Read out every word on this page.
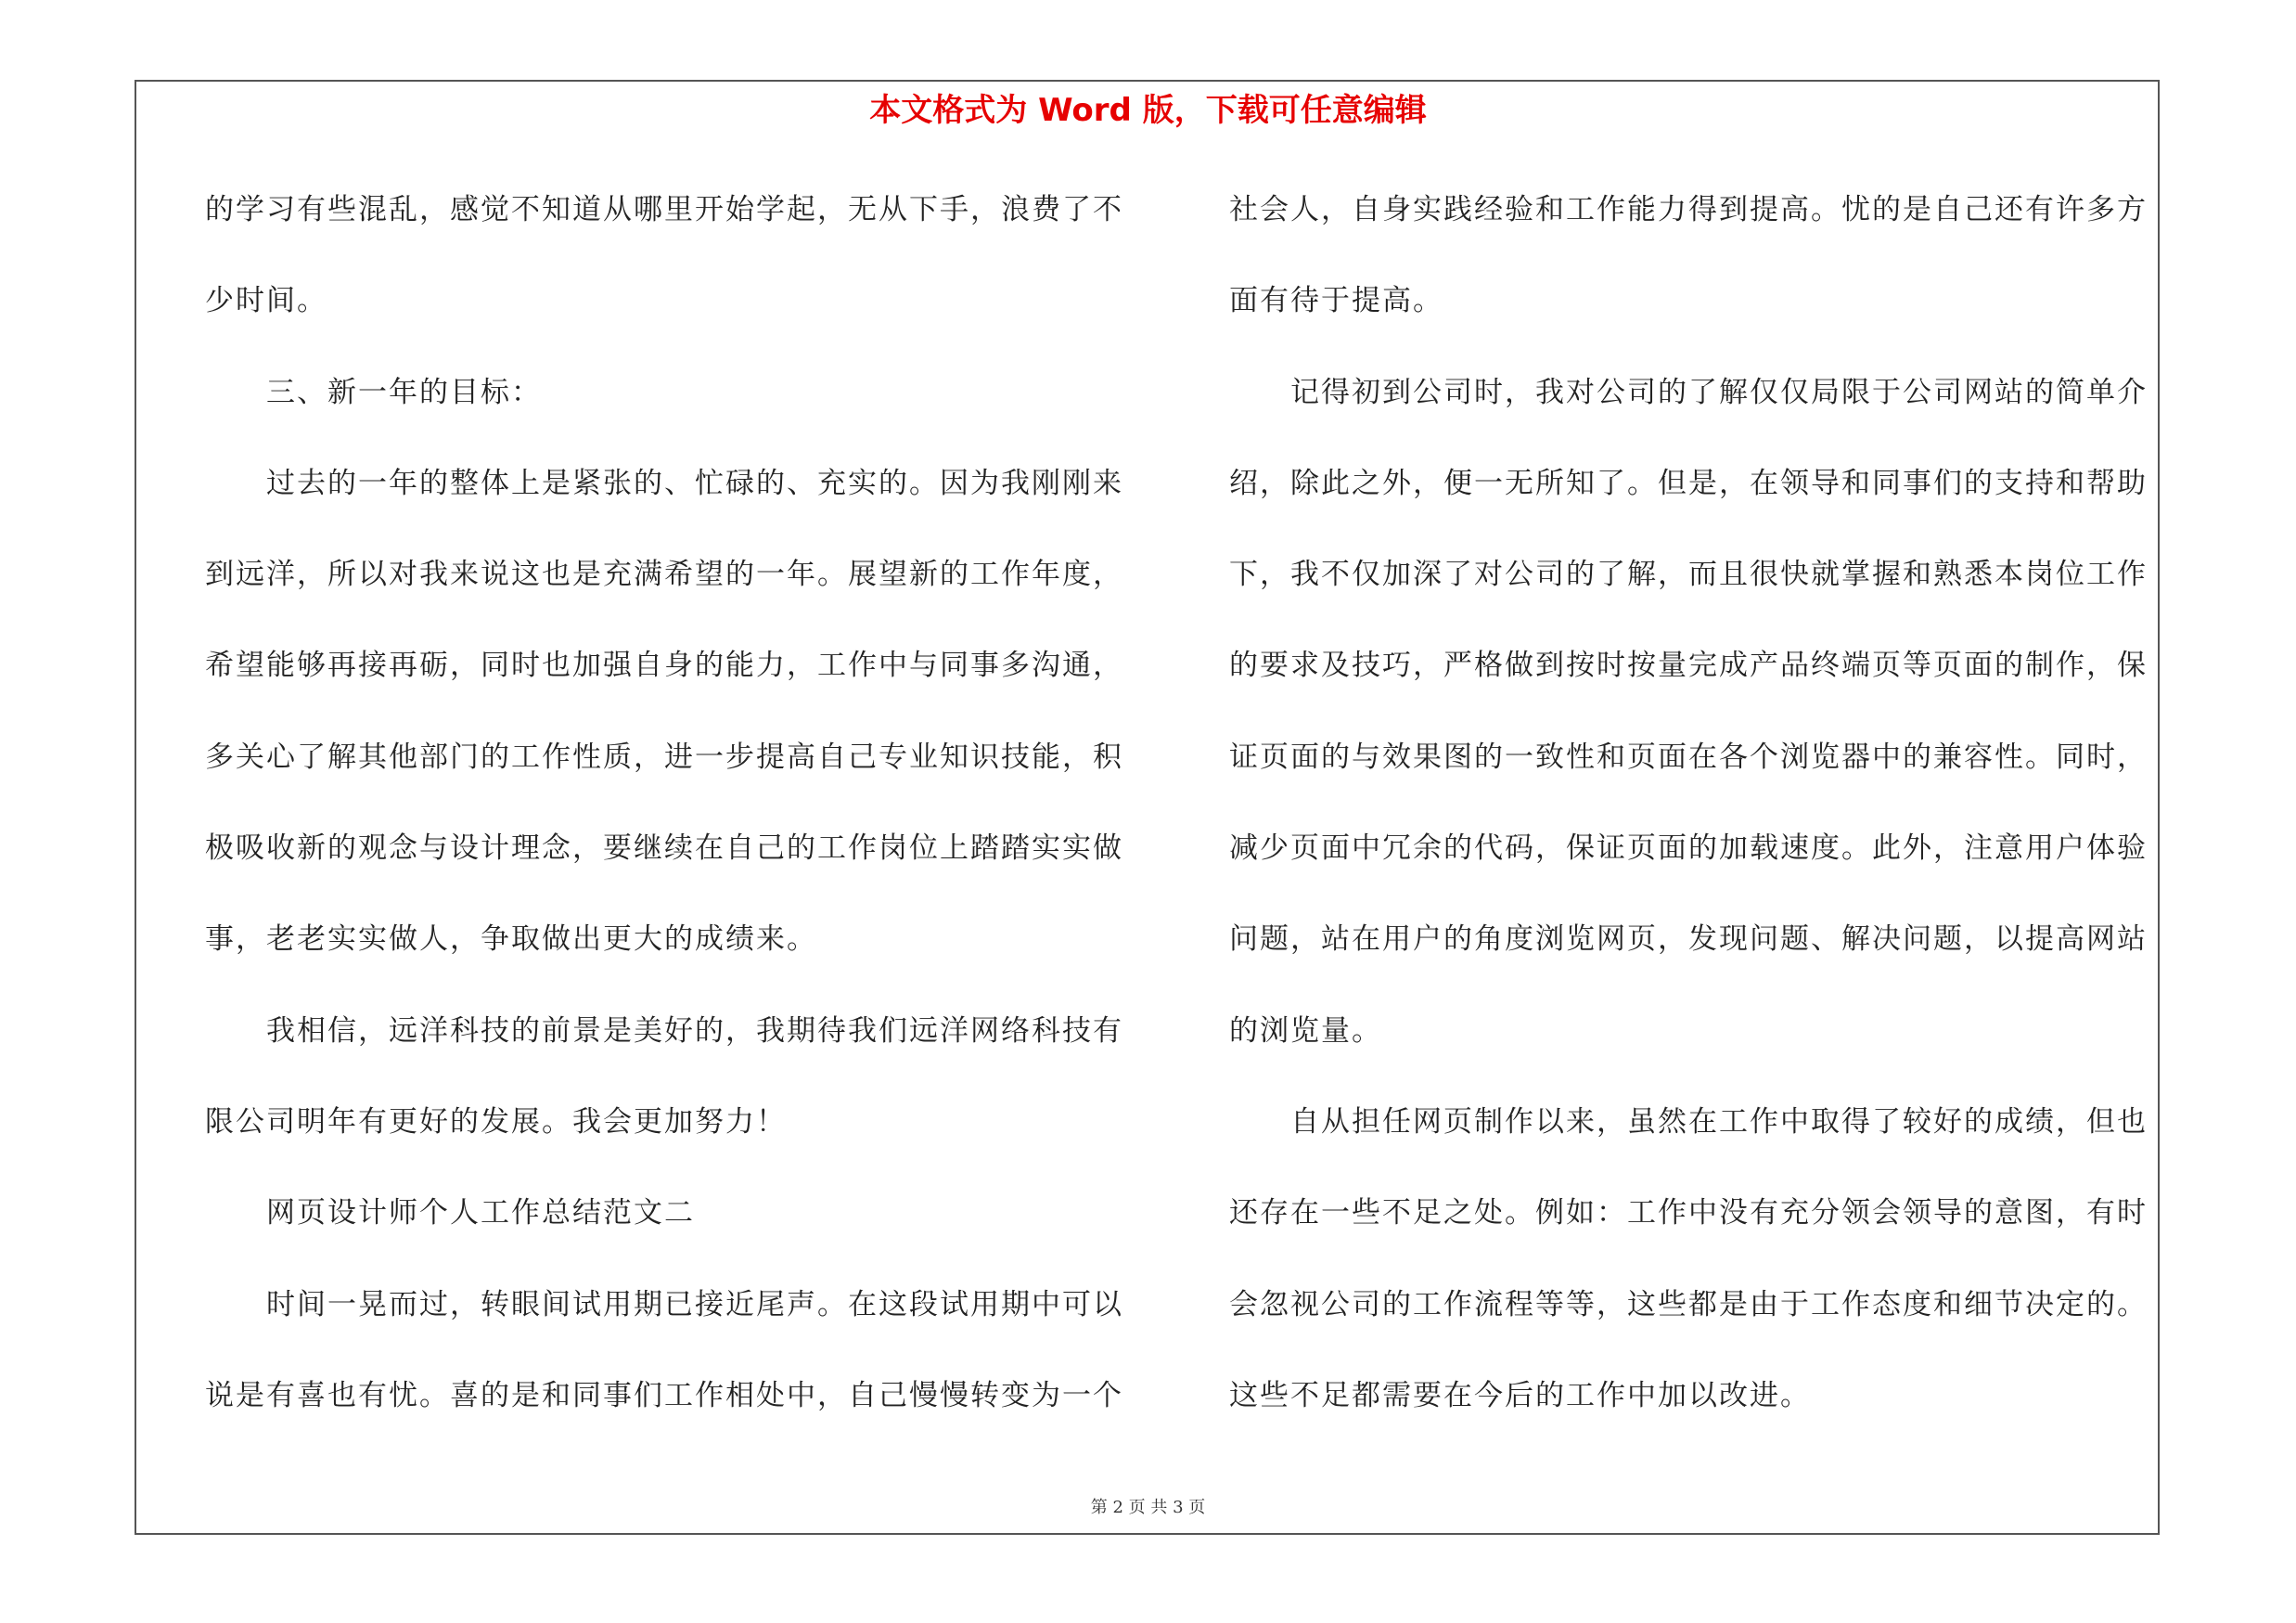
本文格式为 Word 版，下载可任意编辑
的学习有些混乱，感觉不知道从哪里开始学起，无从下手，浪费了不
少时间。
　　三、新一年的目标：
　　过去的一年的整体上是紧张的、忙碌的、充实的。因为我刚刚来
到远洋，所以对我来说这也是充满希望的一年。展望新的工作年度，
希望能够再接再砺，同时也加强自身的能力，工作中与同事多沟通，
多关心了解其他部门的工作性质，进一步提高自己专业知识技能，积
极吸收新的观念与设计理念，要继续在自己的工作岗位上踏踏实实做
事，老老实实做人，争取做出更大的成绩来。
　　我相信，远洋科技的前景是美好的，我期待我们远洋网络科技有
限公司明年有更好的发展。我会更加努力！
　　网页设计师个人工作总结范文二
　　时间一晃而过，转眼间试用期已接近尾声。在这段试用期中可以
说是有喜也有忧。喜的是和同事们工作相处中，自己慢慢转变为一个
社会人，自身实践经验和工作能力得到提高。忧的是自己还有许多方
面有待于提高。
　　记得初到公司时，我对公司的了解仅仅局限于公司网站的简单介
绍，除此之外，便一无所知了。但是，在领导和同事们的支持和帮助
下，我不仅加深了对公司的了解，而且很快就掌握和熟悉本岗位工作
的要求及技巧，严格做到按时按量完成产品终端页等页面的制作，保
证页面的与效果图的一致性和页面在各个浏览器中的兼容性。同时，
减少页面中冗余的代码，保证页面的加载速度。此外，注意用户体验
问题，站在用户的角度浏览网页，发现问题、解决问题，以提高网站
的浏览量。
　　自从担任网页制作以来，虽然在工作中取得了较好的成绩，但也
还存在一些不足之处。例如：工作中没有充分领会领导的意图，有时
会忽视公司的工作流程等等，这些都是由于工作态度和细节决定的。
这些不足都需要在今后的工作中加以改进。
第 2 页 共 3 页
